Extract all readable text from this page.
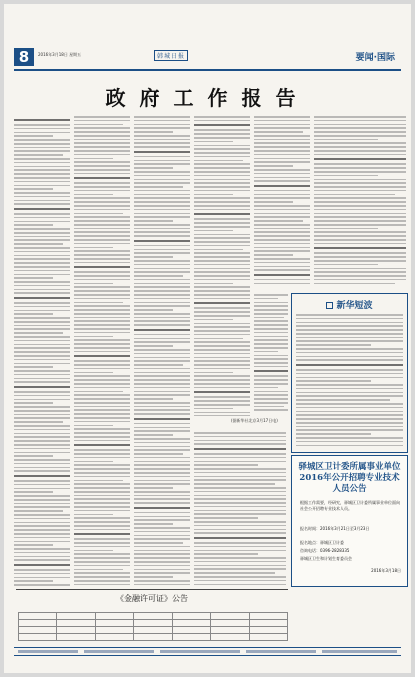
8	2016年3月18日 星期五	韩城日报	要闻·国际
政府工作报告
(据新华社北京3月17日电)
新华短波
驿城区卫计委所属事业单位2016年公开招聘专业技术人员公告
根据工作需要，经研究，驿城区卫计委所属事业单位面向社会公开招聘专业技术人员。
报名时间：2016年3月21日至3月23日
报名地点：驿城区卫计委
咨询电话：0396-2828335
驿城区卫生和计划生育委员会
2016年3月18日
《金融许可证》公告
